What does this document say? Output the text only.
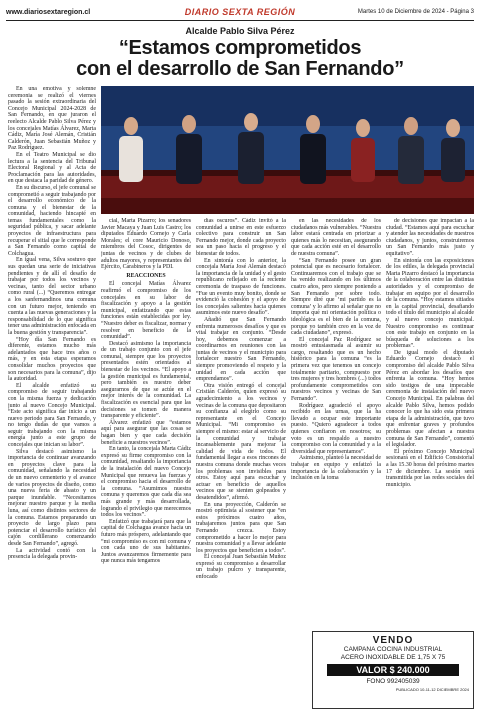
www.diariosextaregion.cl	DIARIO SEXTA REGIÓN	Martes 10 de Diciembre de 2024 - Página 3
Alcalde Pablo Silva Pérez
“Estamos comprometidos
con el desarrollo de San Fernando”

En una emotiva y solemne ceremonia se realizó el viernes pasado la sesión extraordinaria del Concejo Municipal 2024-2028 de San Fernando, en que juraron el reelecto Alcalde Pablo Silva Pérez y los concejales Matías Álvarez, Marta Cádiz, María José Alemán, Cristián Calderón, Juan Sebastián Muñoz y Paz Rodríguez.

En el Teatro Municipal se dio lectura a la sentencia del Tribunal Electoral Regional y al Acta de Proclamación para las autoridades, en que destaca la paridad de género.

En su discurso, el jefe comunal se comprometió a seguir trabajando por el desarrollo económico de la comuna y el bienestar de la comunidad, haciendo hincapié en temas fundamentales como la seguridad pública, y sacar adelante proyectos de infraestructura para recuperar el sitial que le corresponde a San Fernando como capital de Colchagua.

En igual vena, Silva sostuvo que sus quedan una serie de iniciativas pendientes y de allí el desafío de trabajar por todos los vecinos y vecinas, tanto del sector urbano como rural (...) “Queremos entregar a los sanfernandinos una comuna con un futuro mejor, teniendo en cuenta a las nuevas generaciones y la responsabilidad de lo que significa tener una administración enfocada en la buena gestión y transparencia”.

“Hoy día San Fernando es diferente, estamos mucho más adelantados que hace tres años o más, y en esta etapa esperamos consolidar muchos proyectos que son necesarios para la comuna”, dijo la autoridad.

El alcalde enfatizó su compromiso de seguir trabajando con la misma fuerza y dedicación junto al nuevo Concejo Municipal. “Este acto significa dar inicio a un nuevo periodo para San Fernando, y no tengo dudas de que vamos a seguir trabajando con la misma energía junto a este grupo de concejales que inician su labor”.

Silva destacó asimismo la importancia de continuar avanzando en proyectos clave para la comunidad, señalando la necesidad de un nuevo cementerio y el avance de varios proyectos de diseño, como una nueva feria de abasto y un parque inundable. “Necesitamos mejorar nuestro parque y la media luna, así como distintos sectores de la comuna. Estamos preparando un proyecto de largo plazo para potenciar el desarrollo turístico del cajón cordillerano comenzando desde San Fernando”, agregó.

La actividad contó con la presencia la delegada provin-

cial, Marta Pizarro; los senadores Javier Macaya y Juan Luis Castro; los diputados Eduardo Cornejo y Carla Morales; el core Mauricio Donoso, miembros del Cosoc, dirigentes de juntas de vecinos y de clubes de adultos mayores, y representantes del Ejército, Carabineros y la PDI.

REACCIONES

El concejal Matías Álvarez reafirmó el compromiso de los concejales en su labor de fiscalización y apoyo a la gestión municipal, enfatizando que estas funciones están establecidas por ley. “Nuestro deber es fiscalizar, normar y resolver en beneficio de la comunidad”.

Destacó asimismo la importancia de un trabajo conjunto con el jefe comunal, siempre que los proyectos presentados estén orientados al bienestar de los vecinos. “El apoyo a la gestión municipal es fundamental, pero también es nuestro deber asegurarnos de que se actúe en el mejor interés de la comunidad. La fiscalización es esencial para que las decisiones se tomen de manera transparente y eficiente”.

Álvarez enfatizó que “estamos aquí para asegurar que las cosas se hagan bien y que cada decisión beneficie a nuestros vecinos”.

En tanto, la concejala Marta Cádiz expresó su firme compromiso con la comunidad, resaltando la importancia de la instalación del nuevo Concejo Municipal que renueva las fuerzas y el compromiso hacia el desarrollo de la comuna. “Asumimos nuestra comuna y queremos que cada día sea más grande y más desarrollada, logrando el privilegio que merecemos todos los vecinos”.

Enfatizó que trabajará para que la capital de Colchagua avance hacia un futuro más próspero, adelantando que “mi compromiso es con mi comuna y con cada uno de sus habitantes. Juntos avanzaremos firmemente para que nunca más tengamos

días oscuros”. Cádiz invitó a la comunidad a unirse en este esfuerzo colectivo para construir un San Fernando mejor, donde cada proyecto sea un paso hacia el progreso y el bienestar de todos.

En sintonía con lo anterior, la concejala María José Alemán destacó la importancia de la unidad y el gesto republicano reflejado en la reciente ceremonia de traspaso de funciones. “Fue un evento muy bonito, donde se evidenció la cohesión y el apoyo de los concejales salientes hacia quienes asumimos este nuevo desafío”.

Añadió que San Fernando enfrenta numerosos desafíos y que es vital trabajar en conjunto. “Desde hoy, debemos comenzar a coordinarnos en reuniones con las juntas de vecinos y el municipio para fortalecer nuestro San Fernando, siempre promoviendo el respeto y la unidad en cada acción que emprendamos”.

Otra visión entregó el concejal Cristián Calderón, quien expresó su agradecimiento a los vecinos y vecinas de la comuna que depositaron su confianza al elegirlo como su representante en el Concejo Municipal. “Mi compromiso es siempre el mismo: estar al servicio de la comunidad y trabajar incansablemente para mejorar la calidad de vida de todos. El fundamental llegar a esos rincones de nuestra comuna donde muchas veces los problemas son invisibles para otros. Estoy aquí para escuchar y actuar en beneficio de aquellos vecinos que se sienten golpeados y desatendidos”, afirmó.

En una proyección, Calderón se mostró optimista al sostener que “en estos próximos cuatro años, trabajaremos juntos para que San Fernando crezca. Estoy comprometido a hacer lo mejor para nuestra comunidad y a llevar adelante los proyectos que beneficien a todos”.

El concejal Juan Sebastián Muñoz expresó su compromiso a desarrollar un trabajo pulcro y transparente, enfocado

en las necesidades de los ciudadanos más vulnerables. “Nuestra labor estará centrada en priorizar a quienes más lo necesitan, asegurando que cada acción esté en el desarrollo de nuestra comuna”.

“San Fernando posee un gran potencial que es necesario fortalecer. Continuaremos con el trabajo que se ha venido realizando en los últimos cuatro años, pero siempre poniendo a San Fernando por sobre todo. Siempre diré que ‘mi partido es la comuna’ y lo afirmo al señalar que no importa qué mi orientación política o ideológica es el bien de la comuna, porque yo también creo en la voz de cada ciudadano”, expresó.

El concejal Paz Rodríguez se mostró entusiasmada al asumir su cargo, resaltando que es un hecho histórico para la comuna “es la primera vez que tenemos un concejo totalmente paritario, compuesto por tres mujeres y tres hombres (...) todos profundamente comprometidos con nuestros vecinos y vecinas de San Fernando”.

Rodríguez agradeció el apoyo recibido en las urnas, que la ha llevado a ocupar este importante puesto. “Quiero agradecer a todos quienes confiaron en nosotros; su voto es un respaldo a nuestro compromiso con la comunidad y a la diversidad que representamos”.

Asimismo, planteó la necesidad de trabajar en equipo y enfatizó la importancia de la colaboración y la inclusión en la toma

de decisiones que impactan a la ciudad. “Estamos aquí para escuchar y atender las necesidades de nuestros ciudadanos, y juntos, construiremos un San Fernando más justo y equitativo”.

En sintonía con las exposiciones de los ediles, la delegada provincial Marta Pizarro destacó la importancia de la colaboración entre las distintas autoridades y el compromiso de trabajar en equipo por el desarrollo de la comuna. “Hoy estamos sitiados en la capital provincial, desafiando todo el título del municipio al alcalde y al nuevo concejo municipal. Nuestro compromiso es continuar con este trabajo en conjunto en la búsqueda de soluciones a los problemas”.

De igual modo el diputado Eduardo Cornejo destacó el compromiso del alcalde Pablo Silva Pérez en abordar los desafíos que enfrenta la comuna. “Hoy hemos sido testigos de una impecable ceremonia de instalación del nuevo Concejo Municipal. En palabras del alcalde Pablo Silva, hemos podido conocer lo que ha sido esta primera etapa de la administración, que tuvo que enfrentar graves y profundos problemas que afectan a nuestra comuna de San Fernando”, comentó el legislador.

El próximo Concejo Municipal sesionará en el Edificio Consistorial a las 15.30 horas del próximo martes 17 de diciembre. La sesión será transmitida por las redes sociales del municipio.

VENDO
CAMPANA COCINA INDUSTRIAL
ACERO INOXIDABLE DE 1,75 X 75
VALOR $ 240.000
FONO 992405039
PUBLICADO 10-11-12 DICIEMBRE 2024
